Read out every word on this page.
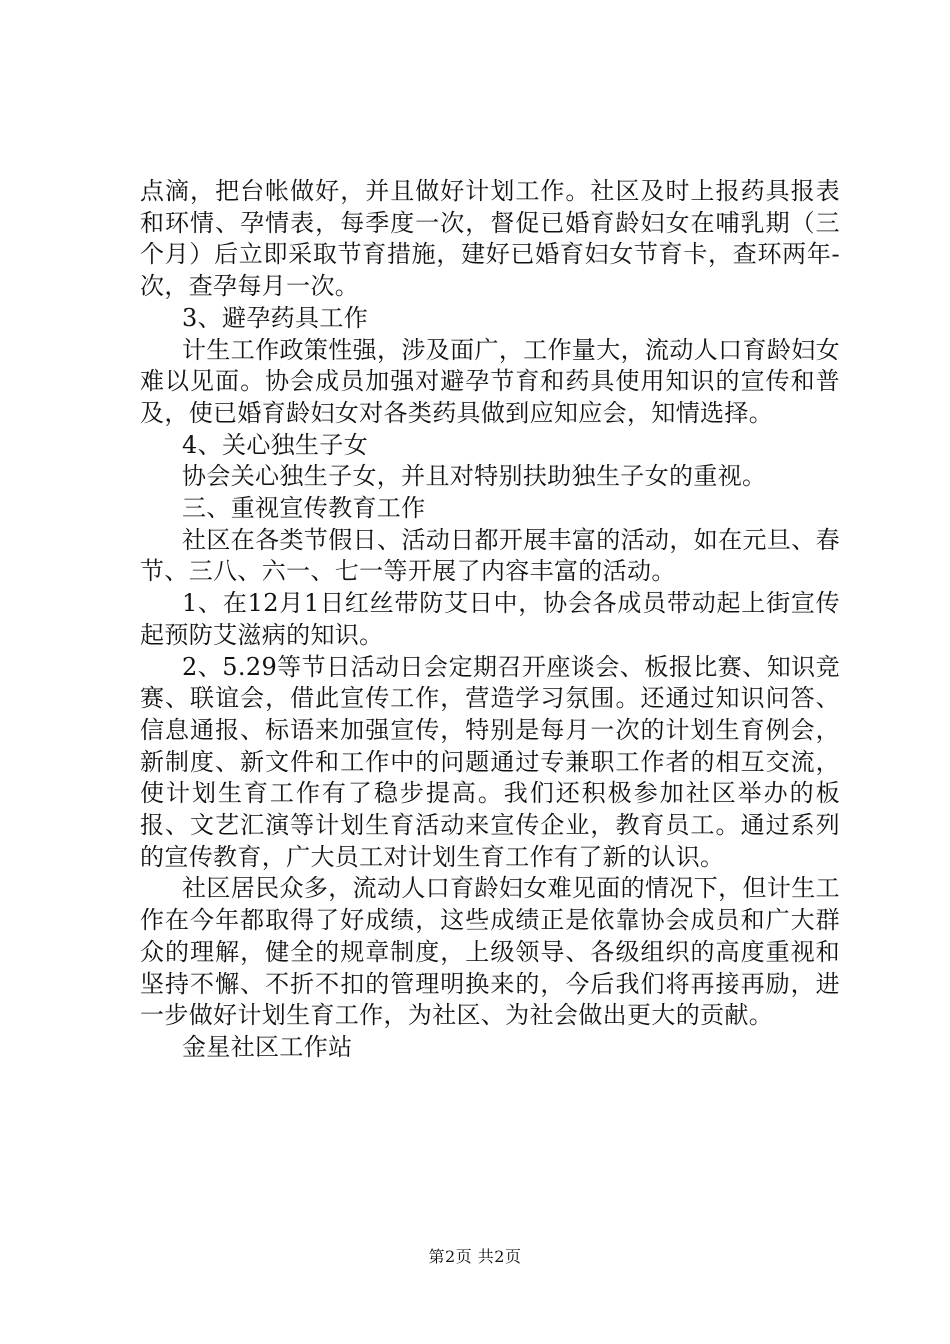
点滴，把台帐做好，并且做好计划工作。社区及时上报药具报表和环情、孕情表，每季度一次，督促已婚育龄妇女在哺乳期（三个月）后立即采取节育措施，建好已婚育妇女节育卡，查环两年-次，查孕每月一次。

3、避孕药具工作

计生工作政策性强，涉及面广，工作量大，流动人口育龄妇女难以见面。协会成员加强对避孕节育和药具使用知识的宣传和普及，使已婚育龄妇女对各类药具做到应知应会，知情选择。

4、关心独生子女

协会关心独生子女，并且对特别扶助独生子女的重视。

三、重视宣传教育工作

社区在各类节假日、活动日都开展丰富的活动，如在元旦、春节、三八、六一、七一等开展了内容丰富的活动。

1、在12月1日红丝带防艾日中，协会各成员带动起上街宣传起预防艾滋病的知识。

2、5.29等节日活动日会定期召开座谈会、板报比赛、知识竞赛、联谊会，借此宣传工作，营造学习氛围。还通过知识问答、信息通报、标语来加强宣传，特别是每月一次的计划生育例会，新制度、新文件和工作中的问题通过专兼职工作者的相互交流，使计划生育工作有了稳步提高。我们还积极参加社区举办的板报、文艺汇演等计划生育活动来宣传企业，教育员工。通过系列的宣传教育，广大员工对计划生育工作有了新的认识。

社区居民众多，流动人口育龄妇女难见面的情况下，但计生工作在今年都取得了好成绩，这些成绩正是依靠协会成员和广大群众的理解，健全的规章制度，上级领导、各级组织的高度重视和坚持不懈、不折不扣的管理明换来的，今后我们将再接再励，进一步做好计划生育工作，为社区、为社会做出更大的贡献。

金星社区工作站

第2页 共2页
